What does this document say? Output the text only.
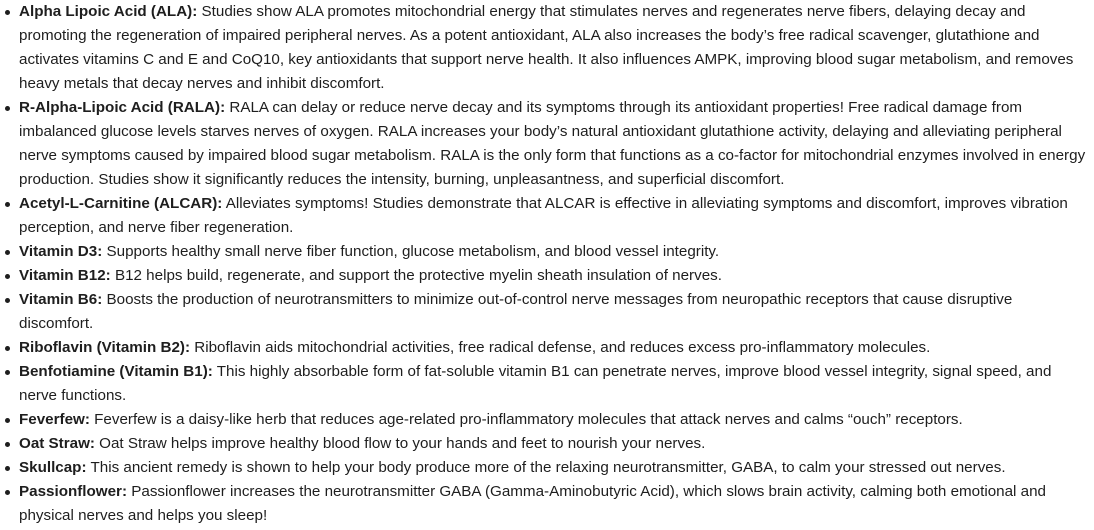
Alpha Lipoic Acid (ALA): Studies show ALA promotes mitochondrial energy that stimulates nerves and regenerates nerve fibers, delaying decay and promoting the regeneration of impaired peripheral nerves. As a potent antioxidant, ALA also increases the body’s free radical scavenger, glutathione and activates vitamins C and E and CoQ10, key antioxidants that support nerve health. It also influences AMPK, improving blood sugar metabolism, and removes heavy metals that decay nerves and inhibit discomfort.
R-Alpha-Lipoic Acid (RALA): RALA can delay or reduce nerve decay and its symptoms through its antioxidant properties! Free radical damage from imbalanced glucose levels starves nerves of oxygen. RALA increases your body’s natural antioxidant glutathione activity, delaying and alleviating peripheral nerve symptoms caused by impaired blood sugar metabolism. RALA is the only form that functions as a co-factor for mitochondrial enzymes involved in energy production. Studies show it significantly reduces the intensity, burning, unpleasantness, and superficial discomfort.
Acetyl-L-Carnitine (ALCAR): Alleviates symptoms! Studies demonstrate that ALCAR is effective in alleviating symptoms and discomfort, improves vibration perception, and nerve fiber regeneration.
Vitamin D3: Supports healthy small nerve fiber function, glucose metabolism, and blood vessel integrity.
Vitamin B12: B12 helps build, regenerate, and support the protective myelin sheath insulation of nerves.
Vitamin B6: Boosts the production of neurotransmitters to minimize out-of-control nerve messages from neuropathic receptors that cause disruptive discomfort.
Riboflavin (Vitamin B2): Riboflavin aids mitochondrial activities, free radical defense, and reduces excess pro-inflammatory molecules.
Benfotiamine (Vitamin B1): This highly absorbable form of fat-soluble vitamin B1 can penetrate nerves, improve blood vessel integrity, signal speed, and nerve functions.
Feverfew: Feverfew is a daisy-like herb that reduces age-related pro-inflammatory molecules that attack nerves and calms “ouch” receptors.
Oat Straw: Oat Straw helps improve healthy blood flow to your hands and feet to nourish your nerves.
Skullcap: This ancient remedy is shown to help your body produce more of the relaxing neurotransmitter, GABA, to calm your stressed out nerves.
Passionflower: Passionflower increases the neurotransmitter GABA (Gamma-Aminobutyric Acid), which slows brain activity, calming both emotional and physical nerves and helps you sleep!
